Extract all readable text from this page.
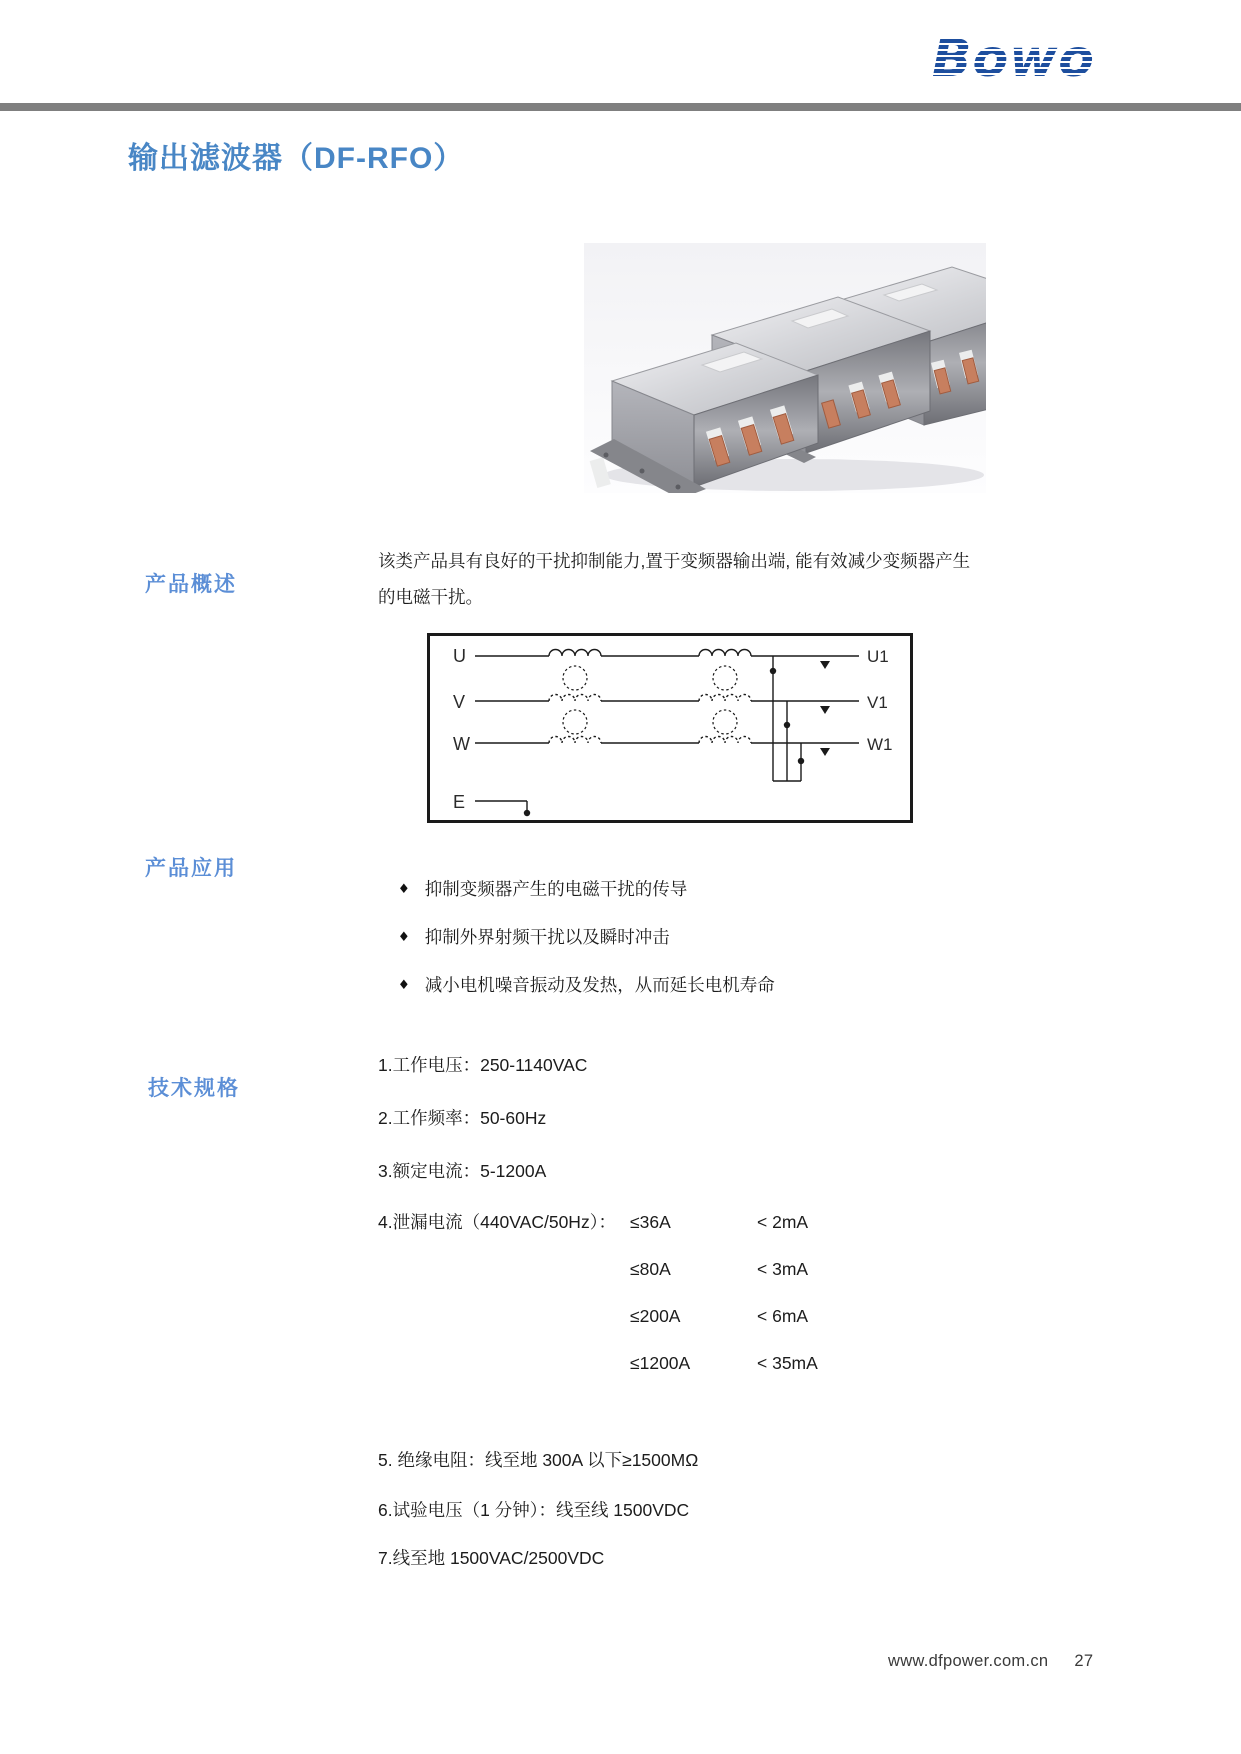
Bowo
输出滤波器（DF-RFO）
产品概述
该类产品具有良好的干扰抑制能力,置于变频器输出端, 能有效减少变频器产生的电磁干扰。
U
V
W
E
U1
V1
W1
产品应用
◆ 抑制变频器产生的电磁干扰的传导
◆ 抑制外界射频干扰以及瞬时冲击
◆ 减小电机噪音振动及发热，从而延长电机寿命
技术规格
1.工作电压：250-1140VAC
2.工作频率：50-60Hz
3.额定电流：5-1200A
4.泄漏电流（440VAC/50Hz）： ≤36A	< 2mA
≤80A	< 3mA
≤200A	< 6mA
≤1200A	< 35mA
5. 绝缘电阻：线至地 300A 以下≥1500MΩ
6.试验电压（1 分钟）：线至线 1500VDC
7.线至地 1500VAC/2500VDC
www.dfpower.com.cn 27
